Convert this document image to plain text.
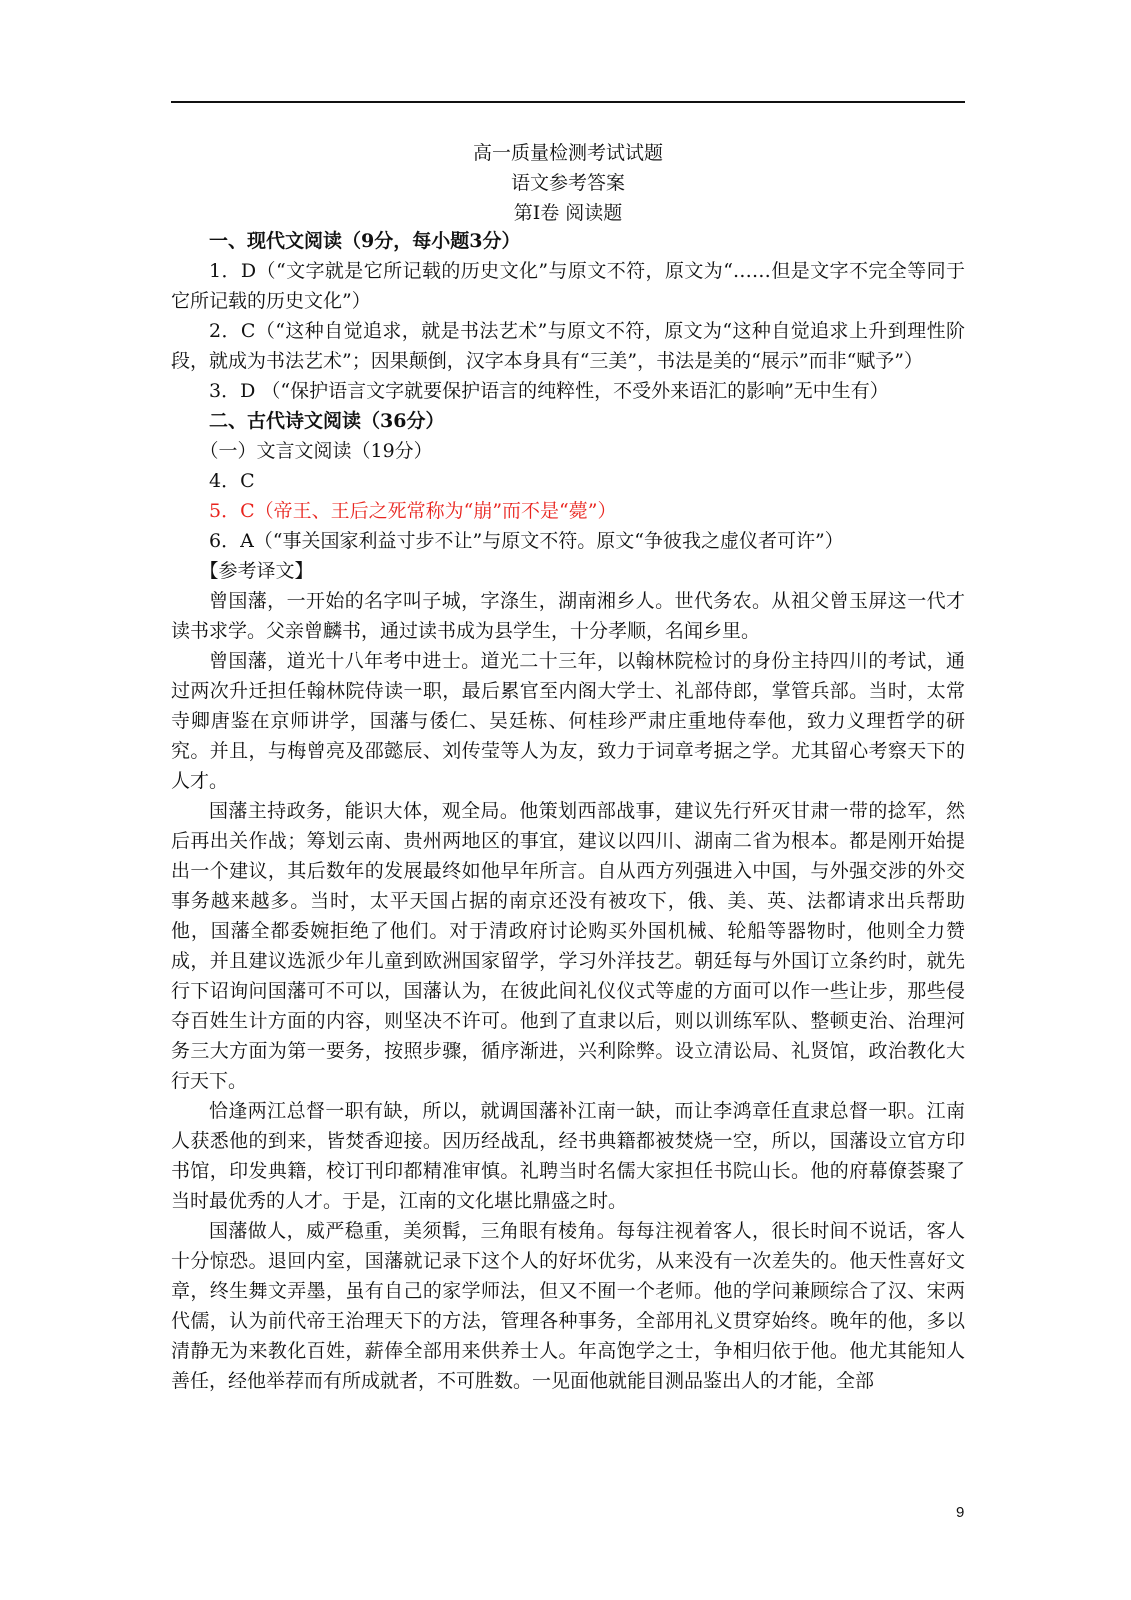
高一质量检测考试试题
语文参考答案
第Ⅰ卷 阅读题

一、现代文阅读（9分，每小题3分）

1．D（“文字就是它所记载的历史文化”与原文不符，原文为“……但是文字不完全等同于它所记载的历史文化”）

2．C（“这种自觉追求，就是书法艺术”与原文不符，原文为“这种自觉追求上升到理性阶段，就成为书法艺术”；因果颠倒，汉字本身具有“三美”，书法是美的“展示”而非“赋予”）

3．D （“保护语言文字就要保护语言的纯粹性，不受外来语汇的影响”无中生有）

二、古代诗文阅读（36分）

（一）文言文阅读（19分）

4．C

5．C（帝王、王后之死常称为“崩”而不是“薨”）

6．A（“事关国家利益寸步不让”与原文不符。原文“争彼我之虚仪者可许”）

【参考译文】

曾国藩，一开始的名字叫子城，字涤生，湖南湘乡人。世代务农。从祖父曾玉屏这一代才读书求学。父亲曾麟书，通过读书成为县学生，十分孝顺，名闻乡里。

曾国藩，道光十八年考中进士。道光二十三年，以翰林院检讨的身份主持四川的考试，通过两次升迁担任翰林院侍读一职，最后累官至内阁大学士、礼部侍郎，掌管兵部。当时，太常寺卿唐鉴在京师讲学，国藩与倭仁、吴廷栋、何桂珍严肃庄重地侍奉他，致力义理哲学的研究。并且，与梅曾亮及邵懿辰、刘传莹等人为友，致力于词章考据之学。尤其留心考察天下的人才。

国藩主持政务，能识大体，观全局。他策划西部战事，建议先行歼灭甘肃一带的捻军，然后再出关作战；筹划云南、贵州两地区的事宜，建议以四川、湖南二省为根本。都是刚开始提出一个建议，其后数年的发展最终如他早年所言。自从西方列强进入中国，与外强交涉的外交事务越来越多。当时，太平天国占据的南京还没有被攻下，俄、美、英、法都请求出兵帮助他，国藩全都委婉拒绝了他们。对于清政府讨论购买外国机械、轮船等器物时，他则全力赞成，并且建议选派少年儿童到欧洲国家留学，学习外洋技艺。朝廷每与外国订立条约时，就先行下诏询问国藩可不可以，国藩认为，在彼此间礼仪仪式等虚的方面可以作一些让步，那些侵夺百姓生计方面的内容，则坚决不许可。他到了直隶以后，则以训练军队、整顿吏治、治理河务三大方面为第一要务，按照步骤，循序渐进，兴利除弊。设立清讼局、礼贤馆，政治教化大行天下。

恰逢两江总督一职有缺，所以，就调国藩补江南一缺，而让李鸿章任直隶总督一职。江南人获悉他的到来，皆焚香迎接。因历经战乱，经书典籍都被焚烧一空，所以，国藩设立官方印书馆，印发典籍，校订刊印都精准审慎。礼聘当时名儒大家担任书院山长。他的府幕僚荟聚了当时最优秀的人才。于是，江南的文化堪比鼎盛之时。

国藩做人，威严稳重，美须髯，三角眼有棱角。每每注视着客人，很长时间不说话，客人十分惊恐。退回内室，国藩就记录下这个人的好坏优劣，从来没有一次差失的。他天性喜好文章，终生舞文弄墨，虽有自己的家学师法，但又不囿一个老师。他的学问兼顾综合了汉、宋两代儒，认为前代帝王治理天下的方法，管理各种事务，全部用礼义贯穿始终。晚年的他，多以清静无为来教化百姓，薪俸全部用来供养士人。年高饱学之士，争相归依于他。他尤其能知人善任，经他举荐而有所成就者，不可胜数。一见面他就能目测品鉴出人的才能，全部

9
